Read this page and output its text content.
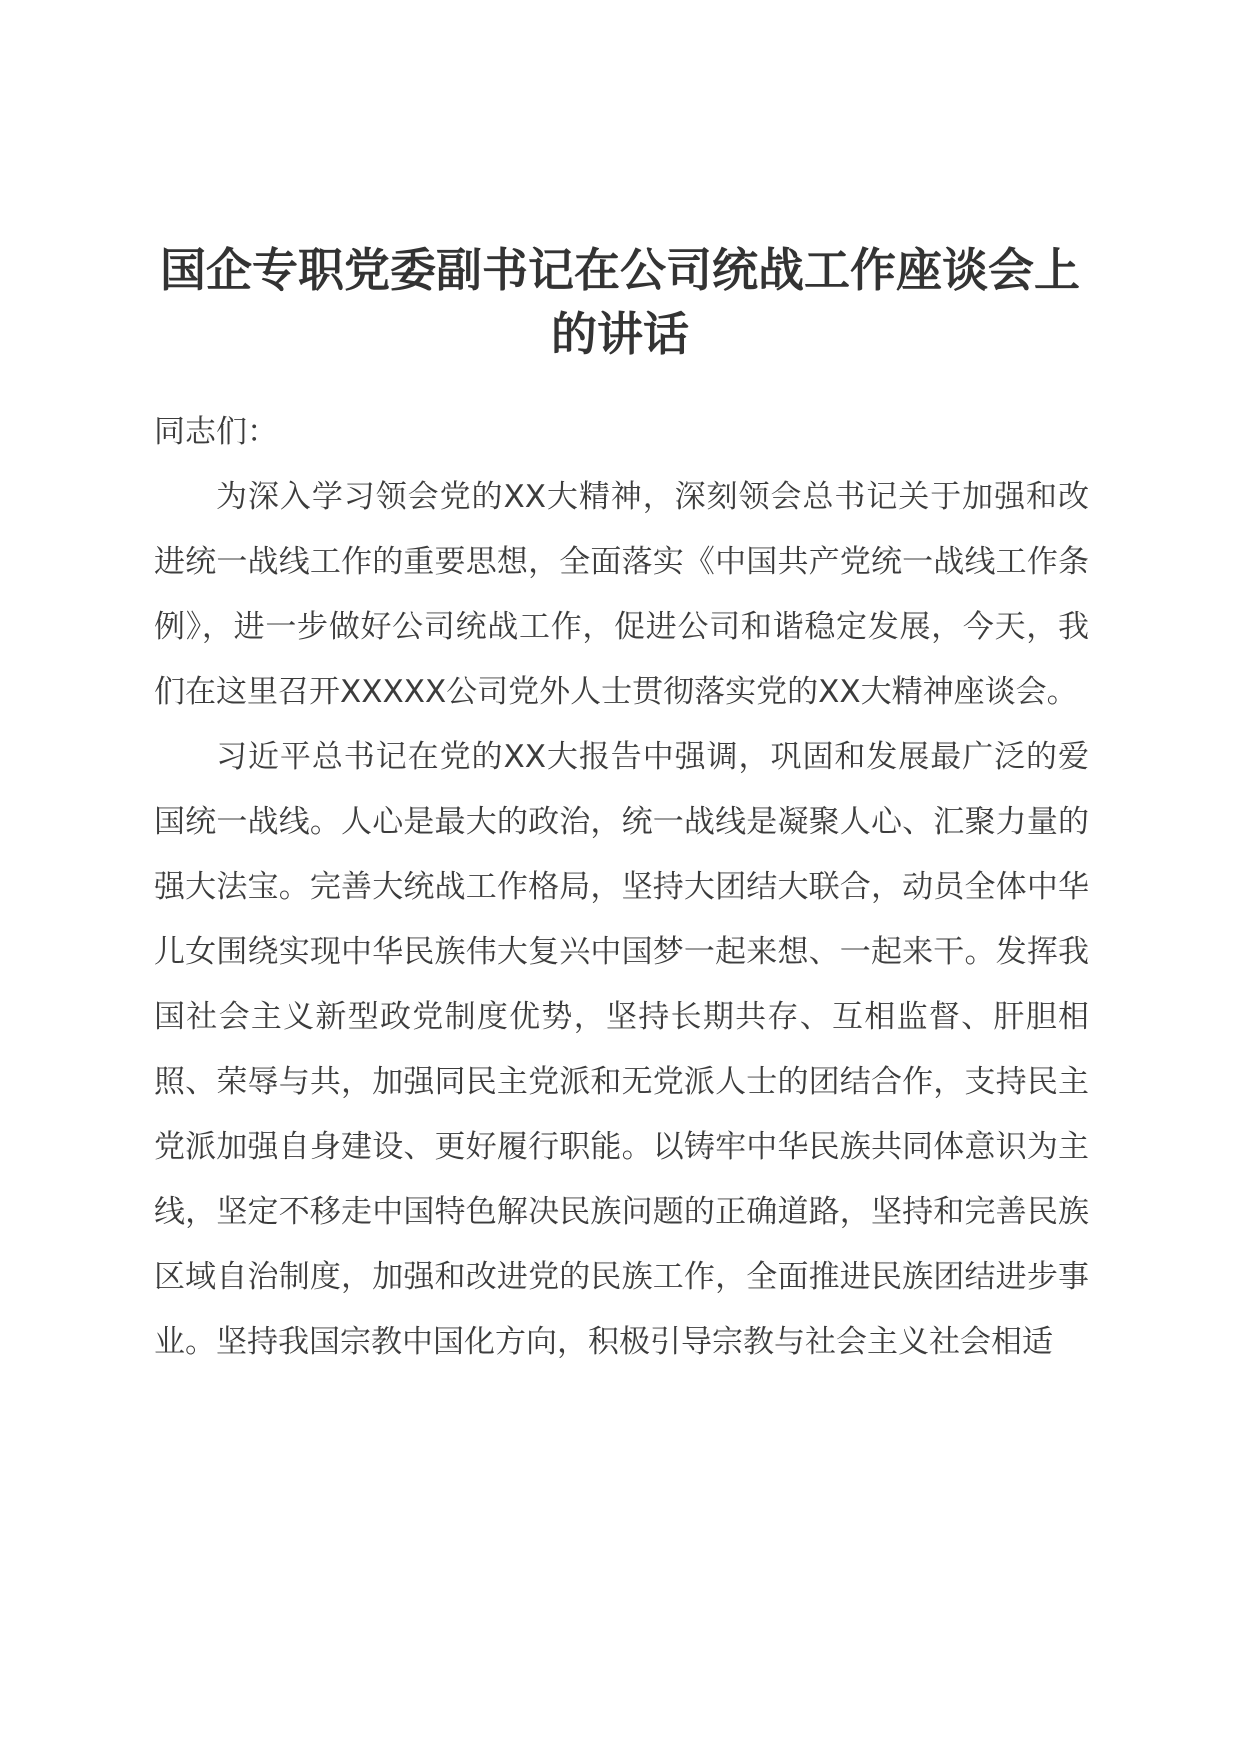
国企专职党委副书记在公司统战工作座谈会上
的讲话

同志们：

为深入学习领会党的XX大精神，深刻领会总书记关于加强和改进统一战线工作的重要思想，全面落实《中国共产党统一战线工作条例》，进一步做好公司统战工作，促进公司和谐稳定发展，今天，我们在这里召开XXXXX公司党外人士贯彻落实党的XX大精神座谈会。

习近平总书记在党的XX大报告中强调，巩固和发展最广泛的爱国统一战线。人心是最大的政治，统一战线是凝聚人心、汇聚力量的强大法宝。完善大统战工作格局，坚持大团结大联合，动员全体中华儿女围绕实现中华民族伟大复兴中国梦一起来想、一起来干。发挥我国社会主义新型政党制度优势，坚持长期共存、互相监督、肝胆相照、荣辱与共，加强同民主党派和无党派人士的团结合作，支持民主党派加强自身建设、更好履行职能。以铸牢中华民族共同体意识为主线，坚定不移走中国特色解决民族问题的正确道路，坚持和完善民族区域自治制度，加强和改进党的民族工作，全面推进民族团结进步事业。坚持我国宗教中国化方向，积极引导宗教与社会主义社会相适
